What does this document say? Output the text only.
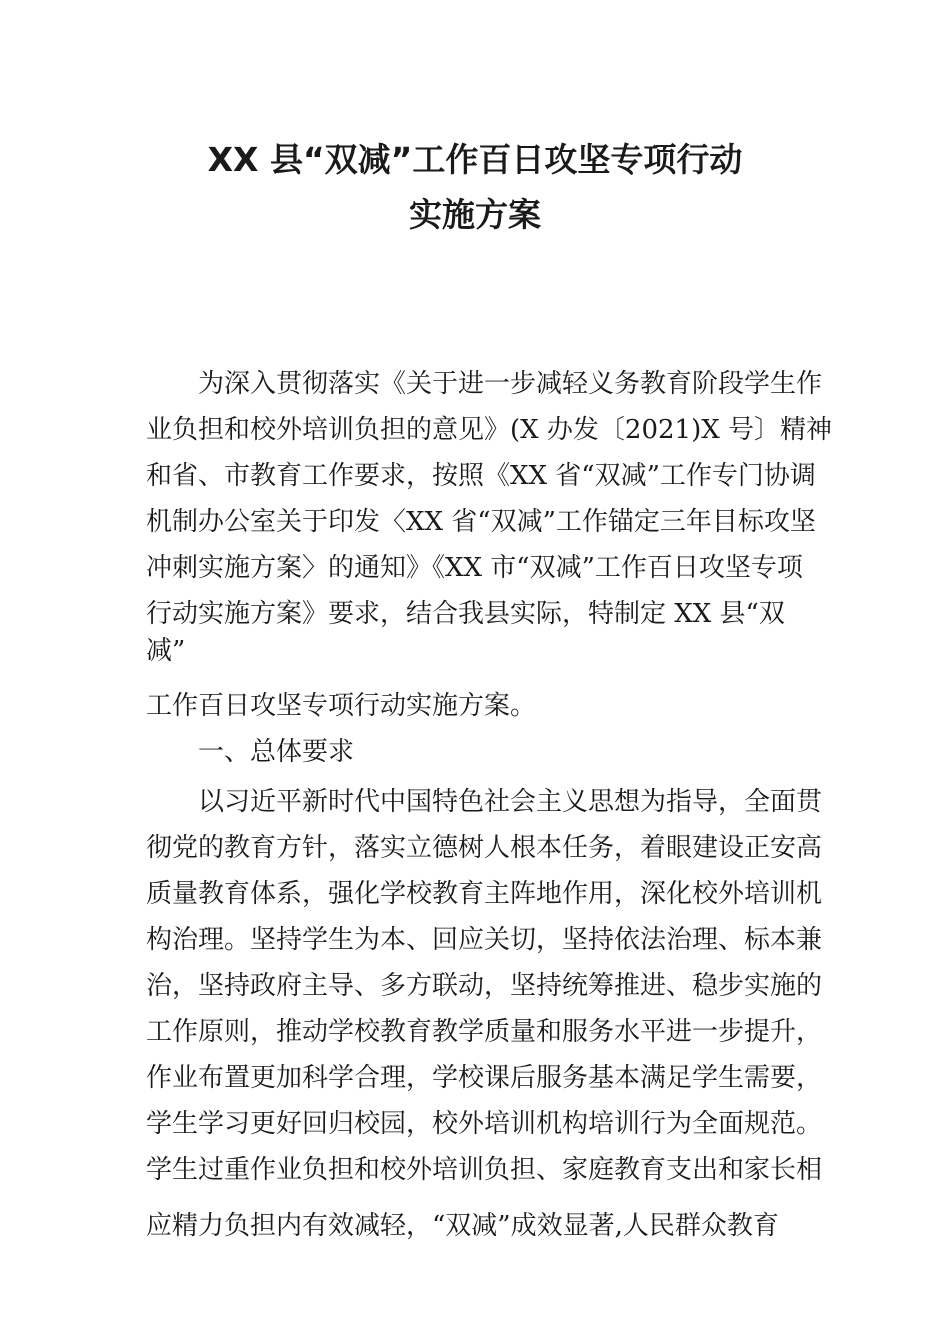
XX 县“双减”工作百日攻坚专项行动
实施方案

为深入贯彻落实《关于进一步减轻义务教育阶段学生作

业负担和校外培训负担的意见》(X 办发〔2021)X 号〕精神

和省、市教育工作要求，按照《XX 省“双减”工作专门协调

机制办公室关于印发〈XX 省“双减”工作锚定三年目标攻坚

冲刺实施方案〉的通知》《XX 市“双减”工作百日攻坚专项

行动实施方案》要求，结合我县实际，特制定 XX 县“双

减”

工作百日攻坚专项行动实施方案。

一、总体要求

以习近平新时代中国特色社会主义思想为指导，全面贯

彻党的教育方针，落实立德树人根本任务，着眼建设正安高

质量教育体系，强化学校教育主阵地作用，深化校外培训机

构治理。坚持学生为本、回应关切，坚持依法治理、标本兼

治，坚持政府主导、多方联动，坚持统筹推进、稳步实施的

工作原则，推动学校教育教学质量和服务水平进一步提升，

作业布置更加科学合理，学校课后服务基本满足学生需要，

学生学习更好回归校园，校外培训机构培训行为全面规范。

学生过重作业负担和校外培训负担、家庭教育支出和家长相

应精力负担内有效减轻，“双减”成效显著,人民群众教育
